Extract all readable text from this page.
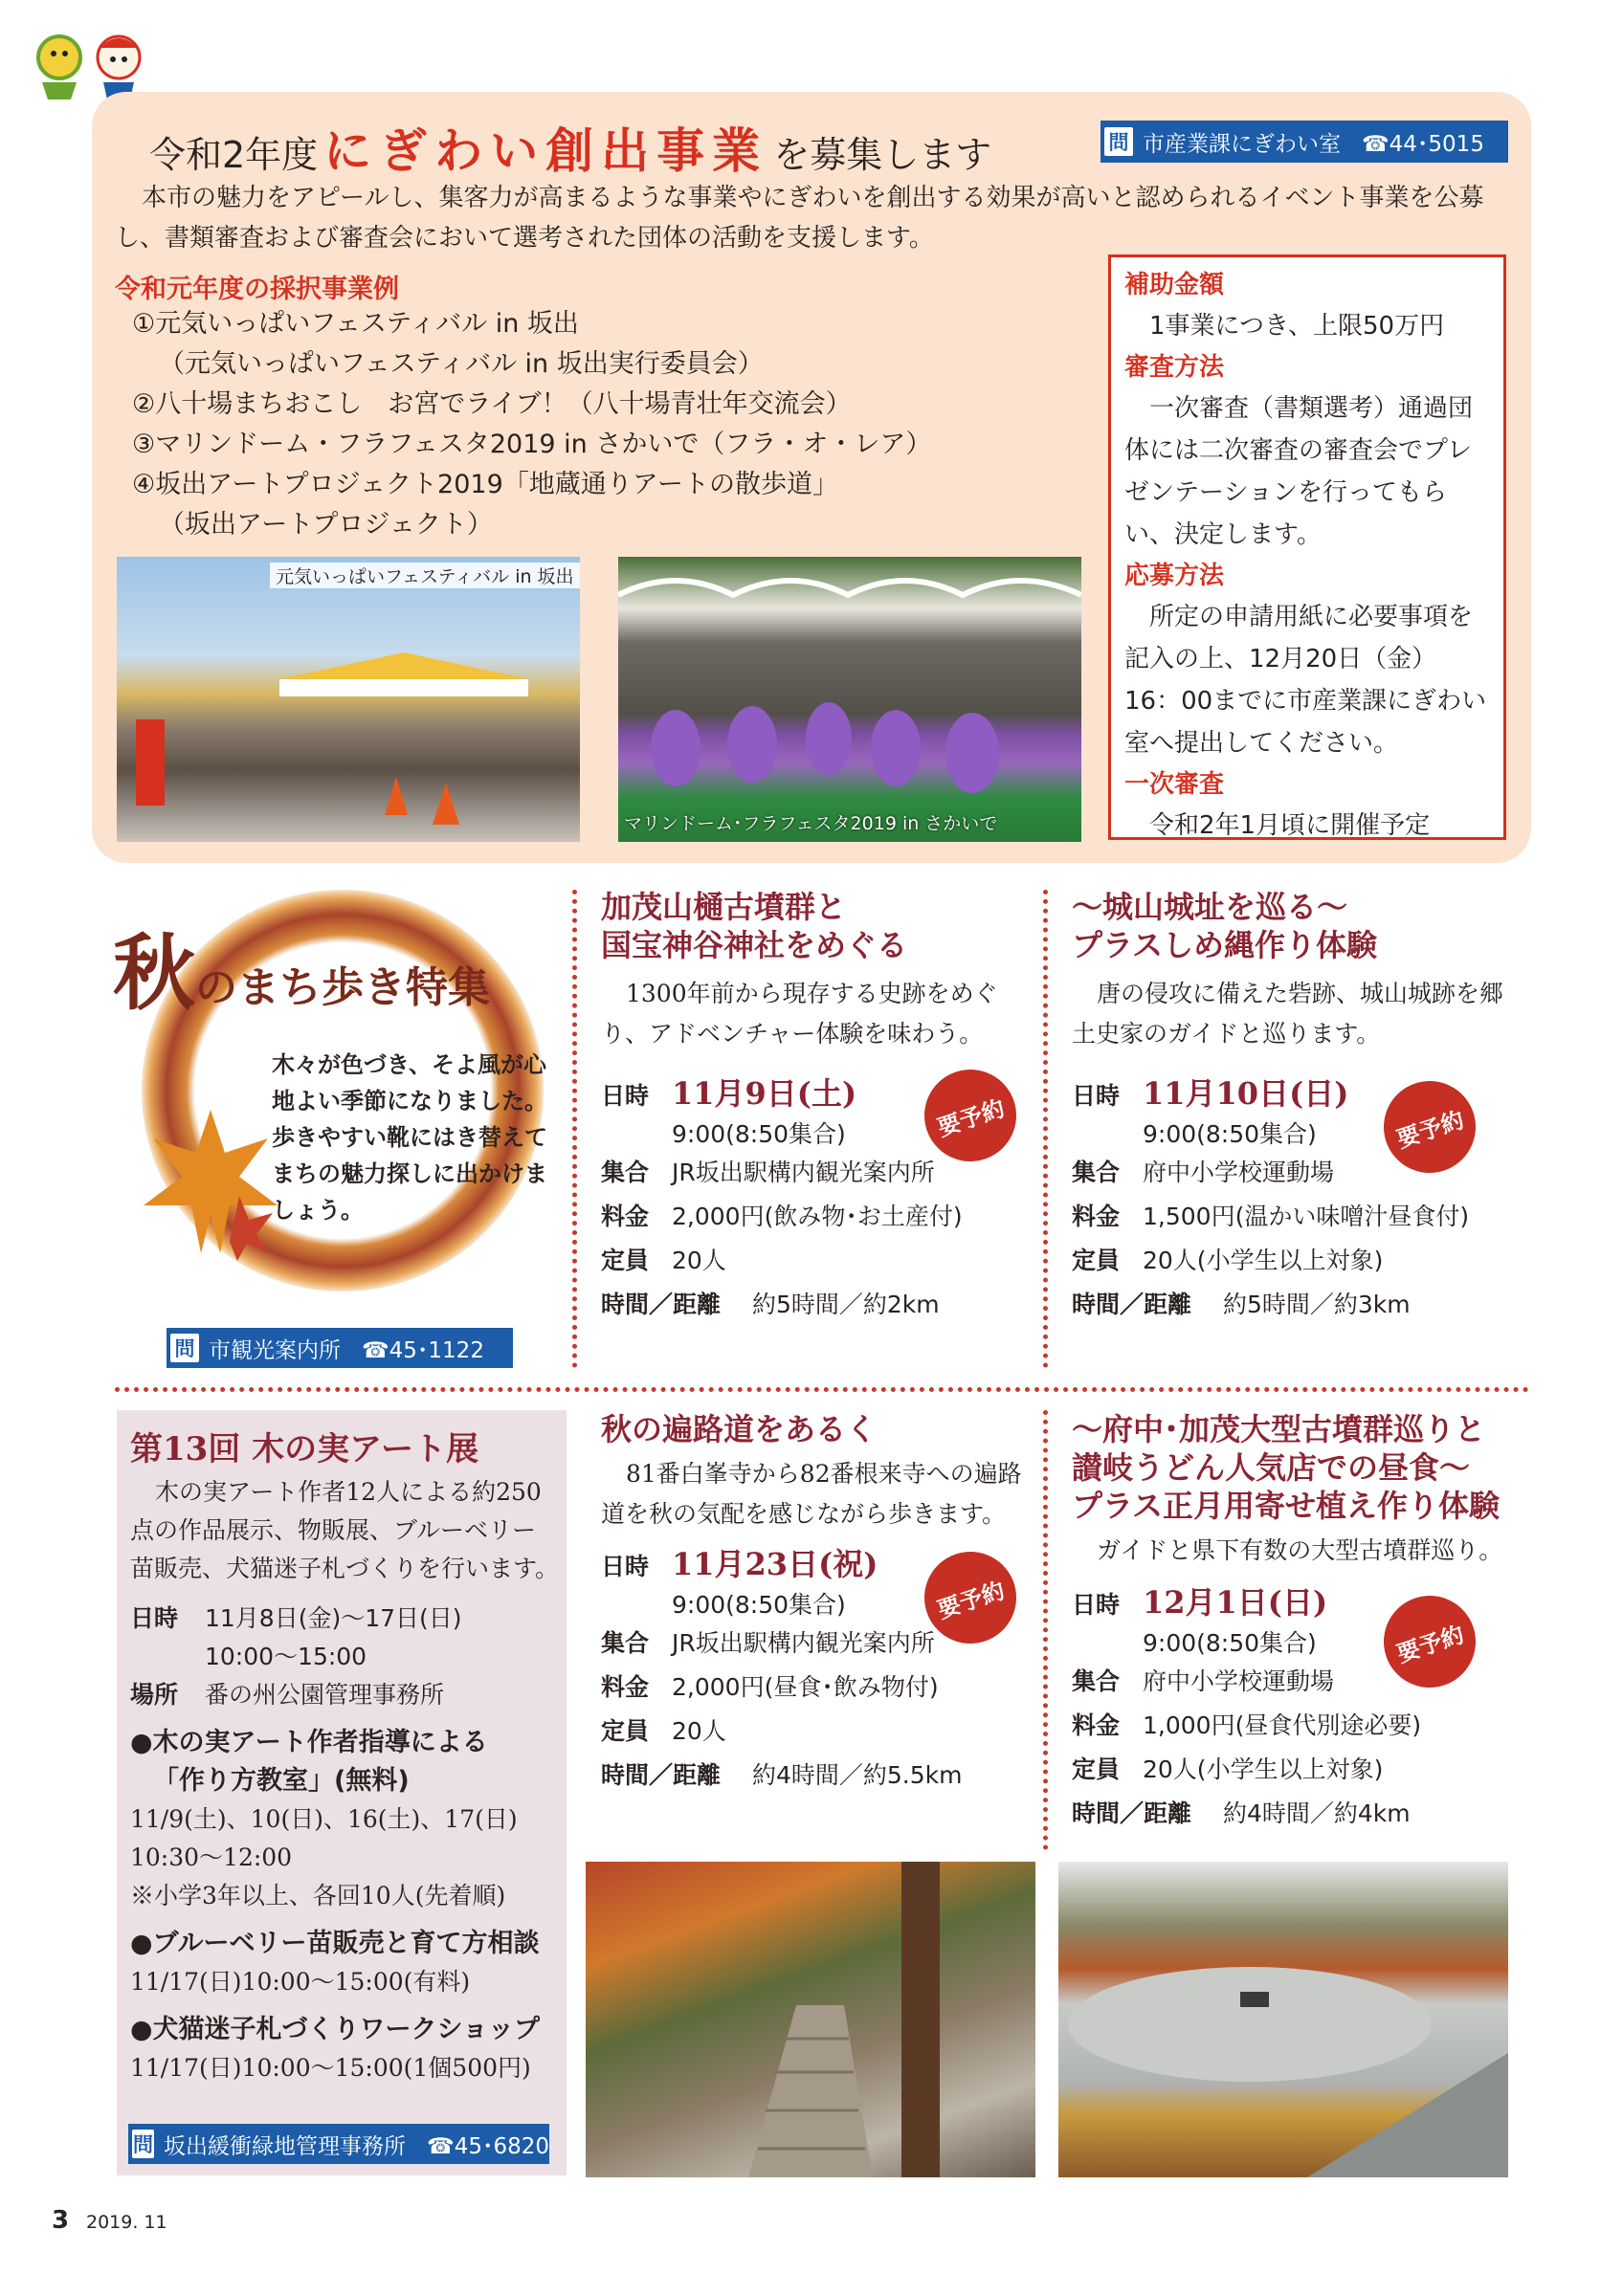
令和2年度 にぎわい創出事業 を募集します	問 市産業課にぎわい室 ☎44･5015
本市の魅力をアピールし、集客力が高まるような事業やにぎわいを創出する効果が高いと認められるイベント事業を公募し、書類審査および審査会において選考された団体の活動を支援します。
令和元年度の採択事業例
①元気いっぱいフェスティバル in 坂出
（元気いっぱいフェスティバル in 坂出実行委員会）
②八十場まちおこし　お宮でライブ！（八十場青壮年交流会）
③マリンドーム・フラフェスタ2019 in さかいで（フラ・オ・レア）
④坂出アートプロジェクト2019「地蔵通りアートの散歩道」
（坂出アートプロジェクト）
補助金額
1事業につき、上限50万円
審査方法
一次審査（書類選考）通過団体には二次審査の審査会でプレゼンテーションを行ってもらい、決定します。
応募方法
所定の申請用紙に必要事項を記入の上、12月20日（金）16：00までに市産業課にぎわい室へ提出してください。
一次審査
令和2年1月頃に開催予定
元気いっぱいフェスティバル in 坂出
マリンドーム･フラフェスタ2019 in さかいで
秋のまち歩き特集
木々が色づき、そよ風が心地よい季節になりました。歩きやすい靴にはき替えてまちの魅力探しに出かけましょう。
問 市観光案内所 ☎45･1122
加茂山樋古墳群と
国宝神谷神社をめぐる
1300年前から現存する史跡をめぐり、アドベンチャー体験を味わう。
日時 11月9日(土)
9:00(8:50集合)
集合 JR坂出駅構内観光案内所
料金 2,000円(飲み物･お土産付)
定員 20人
時間／距離	約5時間／約2km
要予約
〜城山城址を巡る〜
プラスしめ縄作り体験
唐の侵攻に備えた砦跡、城山城跡を郷土史家のガイドと巡ります。
日時 11月10日(日)
9:00(8:50集合)
集合 府中小学校運動場
料金 1,500円(温かい味噌汁昼食付)
定員 20人(小学生以上対象)
時間／距離	約5時間／約3km
要予約
第13回 木の実アート展
木の実アート作者12人による約250点の作品展示、物販展、ブルーベリー苗販売、犬猫迷子札づくりを行います。
日時 11月8日(金)〜17日(日)
10:00〜15:00
場所 番の州公園管理事務所
●木の実アート作者指導による
「作り方教室」(無料)
11/9(土)、10(日)、16(土)、17(日)
10:30〜12:00
※小学3年以上、各回10人(先着順)
●ブルーベリー苗販売と育て方相談
11/17(日)10:00〜15:00(有料)
●犬猫迷子札づくりワークショップ
11/17(日)10:00〜15:00(1個500円)
問 坂出緩衝緑地管理事務所 ☎45･6820
秋の遍路道をあるく
81番白峯寺から82番根来寺への遍路道を秋の気配を感じながら歩きます。
日時 11月23日(祝)
9:00(8:50集合)
集合 JR坂出駅構内観光案内所
料金 2,000円(昼食･飲み物付)
定員 20人
時間／距離	約4時間／約5.5km
要予約
〜府中･加茂大型古墳群巡りと
讃岐うどん人気店での昼食〜
プラス正月用寄せ植え作り体験
ガイドと県下有数の大型古墳群巡り。
日時 12月1日(日)
9:00(8:50集合)
集合 府中小学校運動場
料金 1,000円(昼食代別途必要)
定員 20人(小学生以上対象)
時間／距離	約4時間／約4km
要予約
3 2019. 11
